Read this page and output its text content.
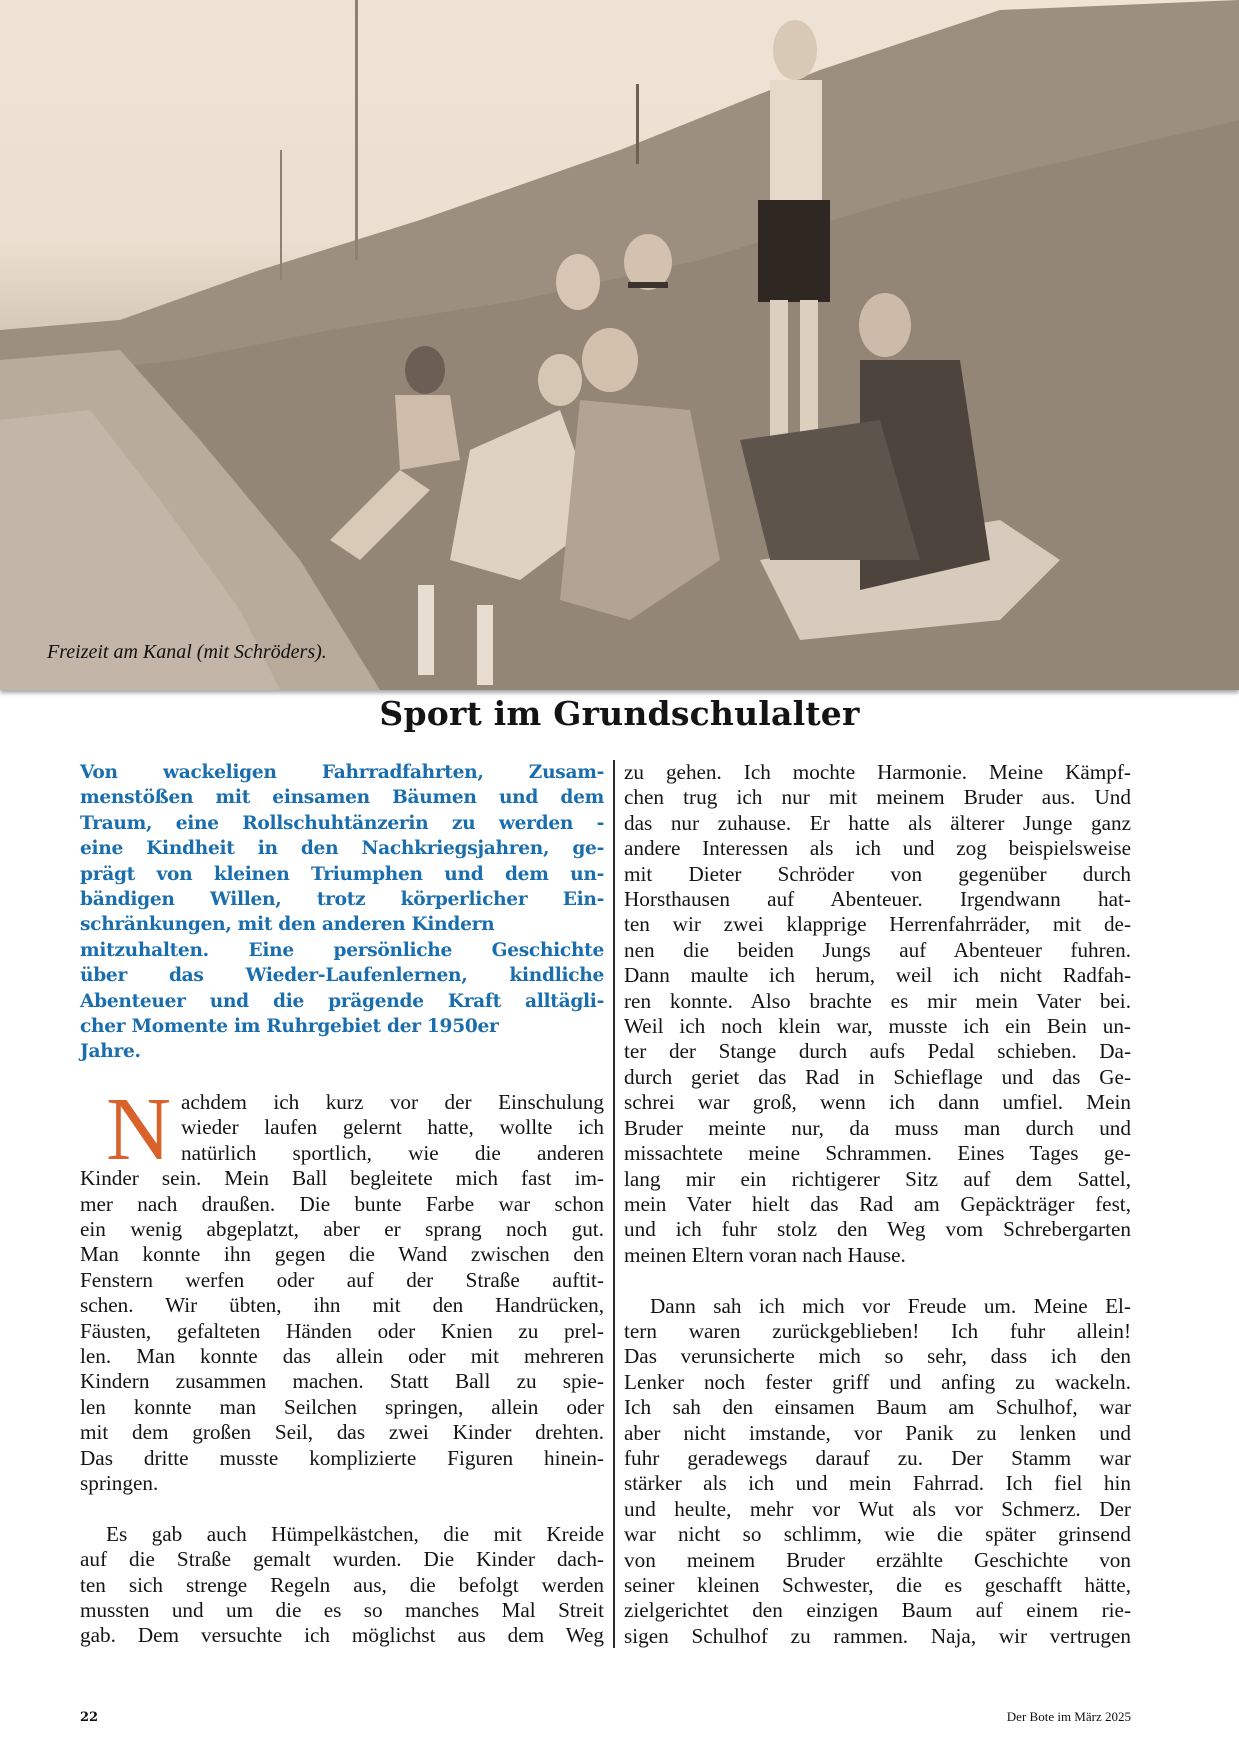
Freizeit am Kanal (mit Schröders).
Sport im Grundschulalter
Von wackeligen Fahrradfahrten, Zusam-
menstößen mit einsamen Bäumen und dem
Traum, eine Rollschuhtänzerin zu werden -
eine Kindheit in den Nachkriegsjahren, ge-
prägt von kleinen Triumphen und dem un-
bändigen Willen, trotz körperlicher Ein-
schränkungen, mit den anderen Kindern
mitzuhalten. Eine persönliche Geschichte
über das Wieder-Laufenlernen, kindliche
Abenteuer und die prägende Kraft alltägli-
cher Momente im Ruhrgebiet der 1950er
Jahre.
N achdem ich kurz vor der Einschulung
wieder laufen gelernt hatte, wollte ich
natürlich sportlich, wie die anderen
Kinder sein. Mein Ball begleitete mich fast im-
mer nach draußen. Die bunte Farbe war schon
ein wenig abgeplatzt, aber er sprang noch gut.
Man konnte ihn gegen die Wand zwischen den
Fenstern werfen oder auf der Straße auftit-
schen. Wir übten, ihn mit den Handrücken,
Fäusten, gefalteten Händen oder Knien zu prel-
len. Man konnte das allein oder mit mehreren
Kindern zusammen machen. Statt Ball zu spie-
len konnte man Seilchen springen, allein oder
mit dem großen Seil, das zwei Kinder drehten.
Das dritte musste komplizierte Figuren hinein-
springen.
Es gab auch Hümpelkästchen, die mit Kreide
auf die Straße gemalt wurden. Die Kinder dach-
ten sich strenge Regeln aus, die befolgt werden
mussten und um die es so manches Mal Streit
gab. Dem versuchte ich möglichst aus dem Weg
zu gehen. Ich mochte Harmonie. Meine Kämpf-
chen trug ich nur mit meinem Bruder aus. Und
das nur zuhause. Er hatte als älterer Junge ganz
andere Interessen als ich und zog beispielsweise
mit Dieter Schröder von gegenüber durch
Horsthausen auf Abenteuer. Irgendwann hat-
ten wir zwei klapprige Herrenfahrräder, mit de-
nen die beiden Jungs auf Abenteuer fuhren.
Dann maulte ich herum, weil ich nicht Radfah-
ren konnte. Also brachte es mir mein Vater bei.
Weil ich noch klein war, musste ich ein Bein un-
ter der Stange durch aufs Pedal schieben. Da-
durch geriet das Rad in Schieflage und das Ge-
schrei war groß, wenn ich dann umfiel. Mein
Bruder meinte nur, da muss man durch und
missachtete meine Schrammen. Eines Tages ge-
lang mir ein richtigerer Sitz auf dem Sattel,
mein Vater hielt das Rad am Gepäckträger fest,
und ich fuhr stolz den Weg vom Schrebergarten
meinen Eltern voran nach Hause.
Dann sah ich mich vor Freude um. Meine El-
tern waren zurückgeblieben! Ich fuhr allein!
Das verunsicherte mich so sehr, dass ich den
Lenker noch fester griff und anfing zu wackeln.
Ich sah den einsamen Baum am Schulhof, war
aber nicht imstande, vor Panik zu lenken und
fuhr geradewegs darauf zu. Der Stamm war
stärker als ich und mein Fahrrad. Ich fiel hin
und heulte, mehr vor Wut als vor Schmerz. Der
war nicht so schlimm, wie die später grinsend
von meinem Bruder erzählte Geschichte von
seiner kleinen Schwester, die es geschafft hätte,
zielgerichtet den einzigen Baum auf einem rie-
sigen Schulhof zu rammen. Naja, wir vertrugen
22	Der Bote im März 2025
